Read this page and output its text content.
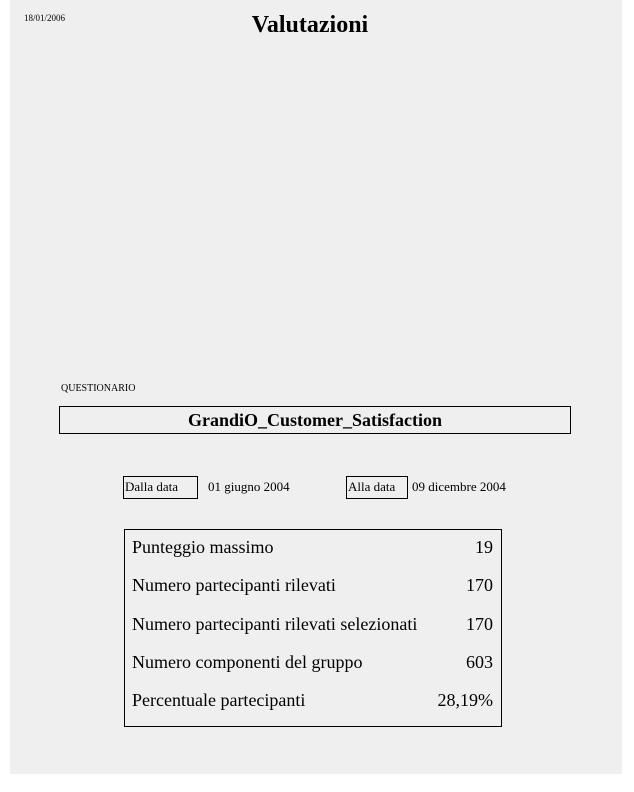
18/01/2006	Valutazioni
QUESTIONARIO
GrandiO_Customer_Satisfaction
Dalla data	01 giugno 2004	Alla data	09 dicembre 2004
Punteggio massimo	19
Numero partecipanti rilevati	170
Numero partecipanti rilevati selezionati	170
Numero componenti del gruppo	603
Percentuale partecipanti	28,19%
